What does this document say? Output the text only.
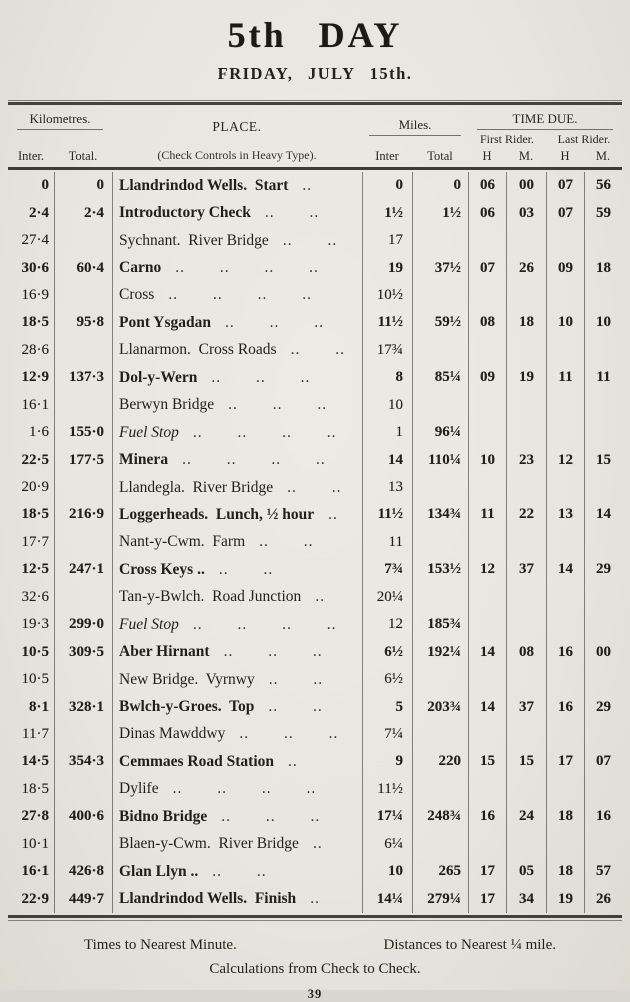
5th DAY
FRIDAY, JULY 15th.
Kilometres.
Inter.	Total.
PLACE.
(Check Controls in Heavy Type).
Miles.
Inter	Total
TIME DUE.
First Rider.	Last Rider.
H	M.	H	M.
0	0 Llandrindod Wells.  Start ..	0	0	06	00	07	56
2·4	2·4 Introductory Check .. ..	1½	1½	06	03	07	59
27·4	Sychnant.  River Bridge .. ..	17
30·6	60·4 Carno .. .. .. ..	19	37½	07	26	09	18
16·9	Cross .. .. .. ..	10½
18·5	95·8 Pont Ysgadan .. .. ..	11½	59½	08	18	10	10
28·6	Llanarmon.  Cross Roads .. ..	17¾
12·9	137·3 Dol-y-Wern .. .. ..	8	85¼	09	19	11	11
16·1	Berwyn Bridge .. .. ..	10
1·6	155·0 Fuel Stop .. .. .. ..	1	96¼
22·5	177·5 Minera .. .. .. ..	14	110¼	10	23	12	15
20·9	Llandegla.  River Bridge .. ..	13
18·5	216·9 Loggerheads.  Lunch, ½ hour ..	11½	134¾	11	22	13	14
17·7	Nant-y-Cwm.  Farm .. ..	11
12·5	247·1 Cross Keys .. .. ..	7¾	153½	12	37	14	29
32·6	Tan-y-Bwlch.  Road Junction ..	20¼
19·3	299·0 Fuel Stop .. .. .. ..	12	185¾
10·5	309·5 Aber Hirnant .. .. ..	6½	192¼	14	08	16	00
10·5	New Bridge.  Vyrnwy .. ..	6½
8·1	328·1 Bwlch-y-Groes.  Top .. ..	5	203¾	14	37	16	29
11·7	Dinas Mawddwy .. .. ..	7¼
14·5	354·3 Cemmaes Road Station ..	9	220	15	15	17	07
18·5	Dylife .. .. .. ..	11½
27·8	400·6 Bidno Bridge .. .. ..	17¼	248¾	16	24	18	16
10·1	Blaen-y-Cwm.  River Bridge ..	6¼
16·1	426·8 Glan Llyn .. .. ..	10	265	17	05	18	57
22·9	449·7 Llandrindod Wells.  Finish ..	14¼	279¼	17	34	19	26
Times to Nearest Minute.	Distances to Nearest ¼ mile.
Calculations from Check to Check.
39
